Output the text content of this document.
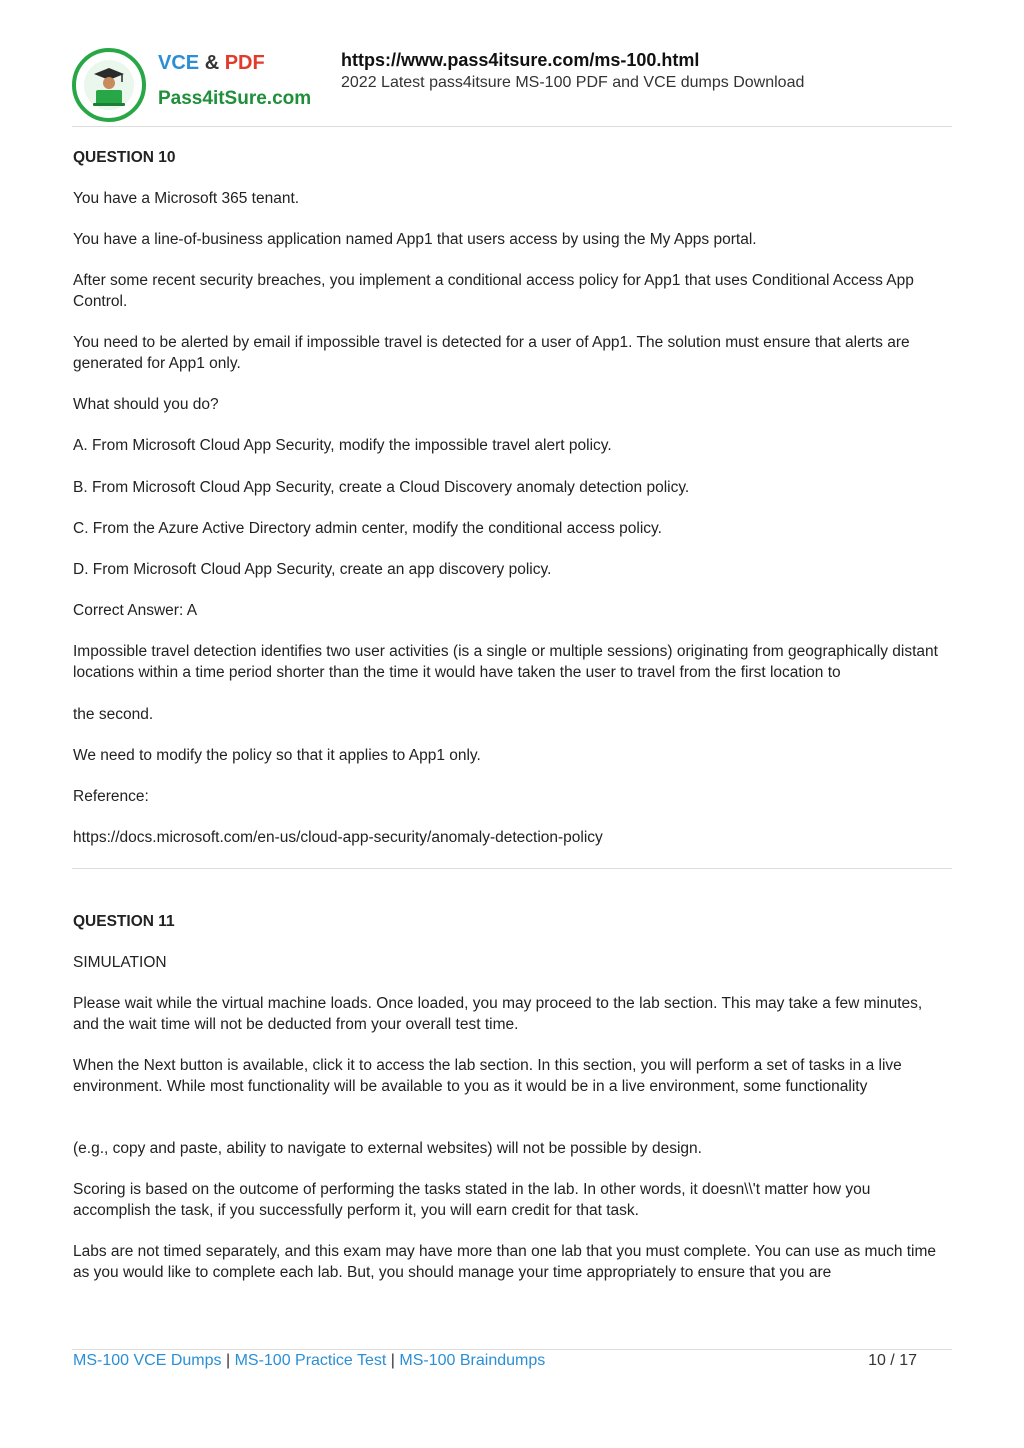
VCE & PDF
Pass4itSure.com
https://www.pass4itsure.com/ms-100.html
2022 Latest pass4itsure MS-100 PDF and VCE dumps Download
QUESTION 10
You have a Microsoft 365 tenant.
You have a line-of-business application named App1 that users access by using the My Apps portal.
After some recent security breaches, you implement a conditional access policy for App1 that uses Conditional Access App Control.
You need to be alerted by email if impossible travel is detected for a user of App1. The solution must ensure that alerts are generated for App1 only.
What should you do?
A. From Microsoft Cloud App Security, modify the impossible travel alert policy.
B. From Microsoft Cloud App Security, create a Cloud Discovery anomaly detection policy.
C. From the Azure Active Directory admin center, modify the conditional access policy.
D. From Microsoft Cloud App Security, create an app discovery policy.
Correct Answer: A
Impossible travel detection identifies two user activities (is a single or multiple sessions) originating from geographically distant locations within a time period shorter than the time it would have taken the user to travel from the first location to
the second.
We need to modify the policy so that it applies to App1 only.
Reference:
https://docs.microsoft.com/en-us/cloud-app-security/anomaly-detection-policy
QUESTION 11
SIMULATION
Please wait while the virtual machine loads. Once loaded, you may proceed to the lab section. This may take a few minutes, and the wait time will not be deducted from your overall test time.
When the Next button is available, click it to access the lab section. In this section, you will perform a set of tasks in a live environment. While most functionality will be available to you as it would be in a live environment, some functionality
(e.g., copy and paste, ability to navigate to external websites) will not be possible by design.
Scoring is based on the outcome of performing the tasks stated in the lab. In other words, it doesn\\'t matter how you accomplish the task, if you successfully perform it, you will earn credit for that task.
Labs are not timed separately, and this exam may have more than one lab that you must complete. You can use as much time as you would like to complete each lab. But, you should manage your time appropriately to ensure that you are
MS-100 VCE Dumps | MS-100 Practice Test | MS-100 Braindumps	10 / 17
